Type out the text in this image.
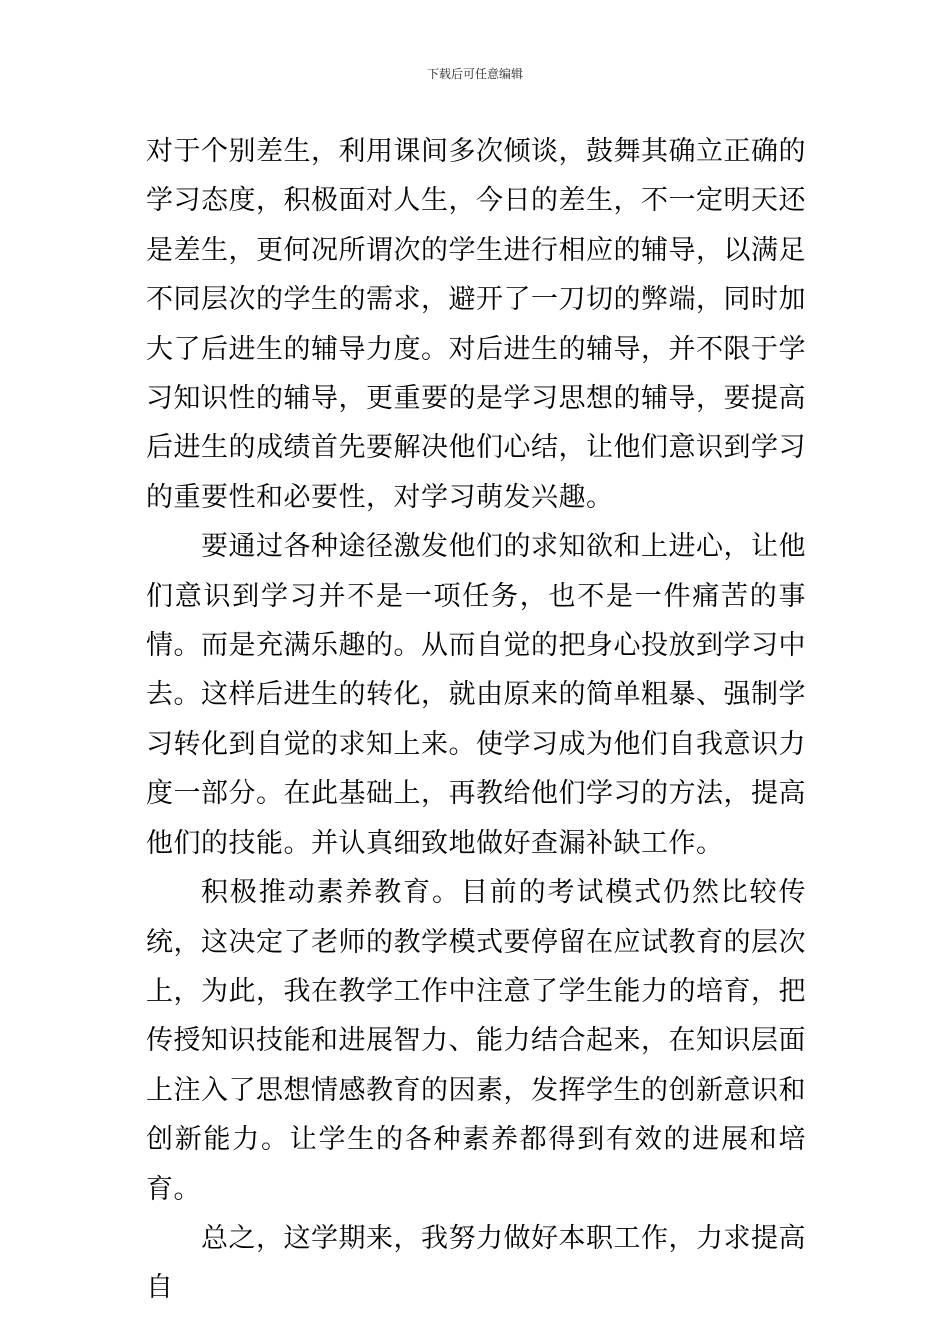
下载后可任意编辑

对于个别差生，利用课间多次倾谈，鼓舞其确立正确的学习态度，积极面对人生，今日的差生，不一定明天还是差生，更何况所谓次的学生进行相应的辅导，以满足不同层次的学生的需求，避开了一刀切的弊端，同时加大了后进生的辅导力度。对后进生的辅导，并不限于学习知识性的辅导，更重要的是学习思想的辅导，要提高后进生的成绩首先要解决他们心结，让他们意识到学习的重要性和必要性，对学习萌发兴趣。

要通过各种途径激发他们的求知欲和上进心，让他们意识到学习并不是一项任务，也不是一件痛苦的事情。而是充满乐趣的。从而自觉的把身心投放到学习中去。这样后进生的转化，就由原来的简单粗暴、强制学习转化到自觉的求知上来。使学习成为他们自我意识力度一部分。在此基础上，再教给他们学习的方法，提高他们的技能。并认真细致地做好查漏补缺工作。

积极推动素养教育。目前的考试模式仍然比较传统，这决定了老师的教学模式要停留在应试教育的层次上，为此，我在教学工作中注意了学生能力的培育，把传授知识技能和进展智力、能力结合起来，在知识层面上注入了思想情感教育的因素，发挥学生的创新意识和创新能力。让学生的各种素养都得到有效的进展和培育。

总之，这学期来，我努力做好本职工作，力求提高自
